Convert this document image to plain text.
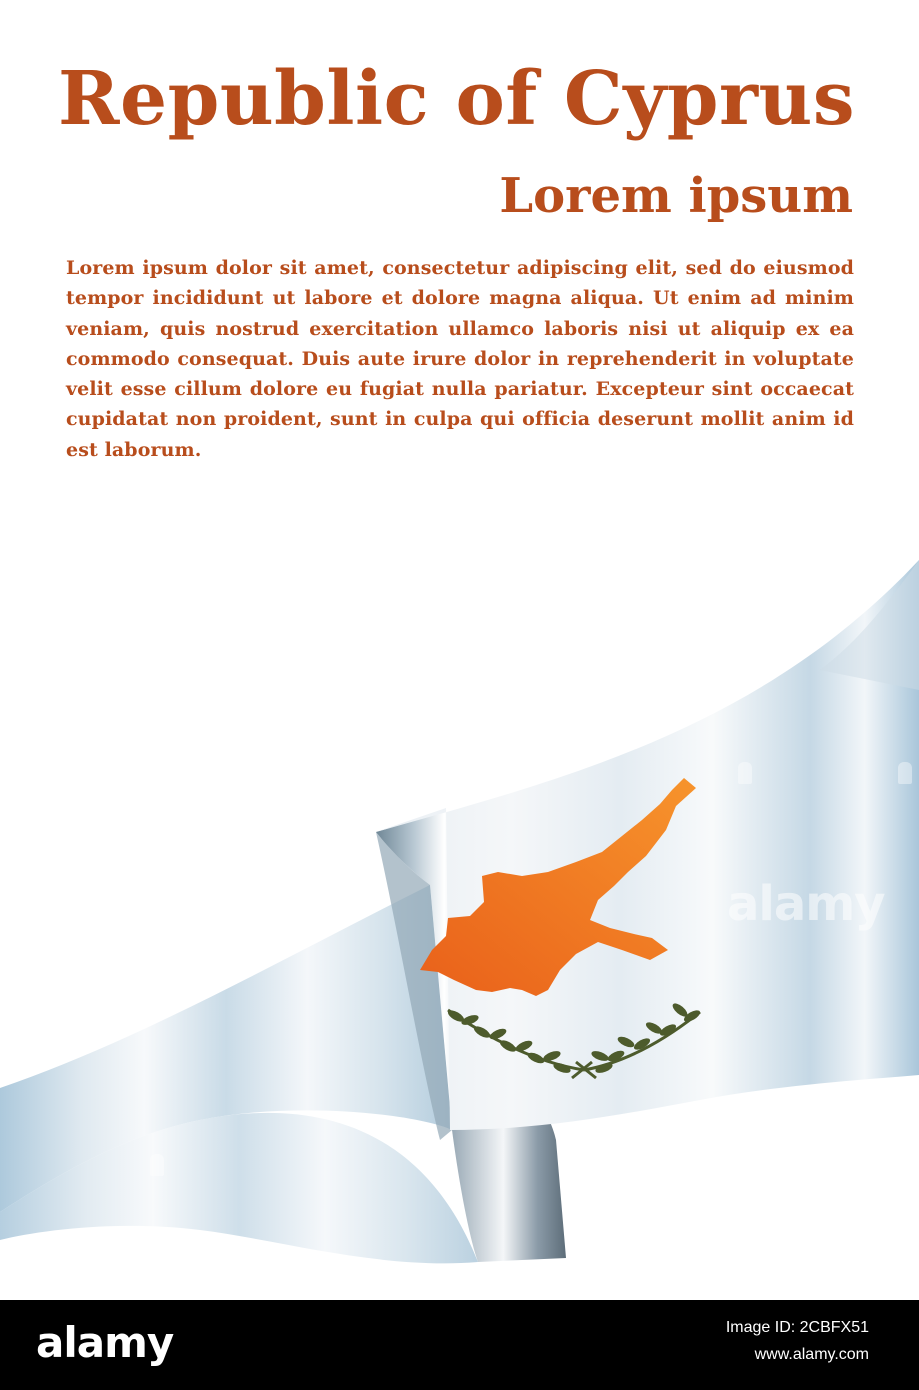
Republic of Cyprus
Lorem ipsum

Lorem ipsum dolor sit amet, consectetur adipiscing elit, sed do eiusmod tempor incididunt ut labore et dolore magna aliqua. Ut enim ad minim veniam, quis nostrud exercitation ullamco laboris nisi ut aliquip ex ea commodo consequat. Duis aute irure dolor in reprehenderit in voluptate velit esse cillum dolore eu fugiat nulla pariatur. Excepteur sint occaecat cupidatat non proident, sunt in culpa qui officia deserunt mollit anim id est laborum.

alamy
alamy	Image ID: 2CBFX51
www.alamy.com
